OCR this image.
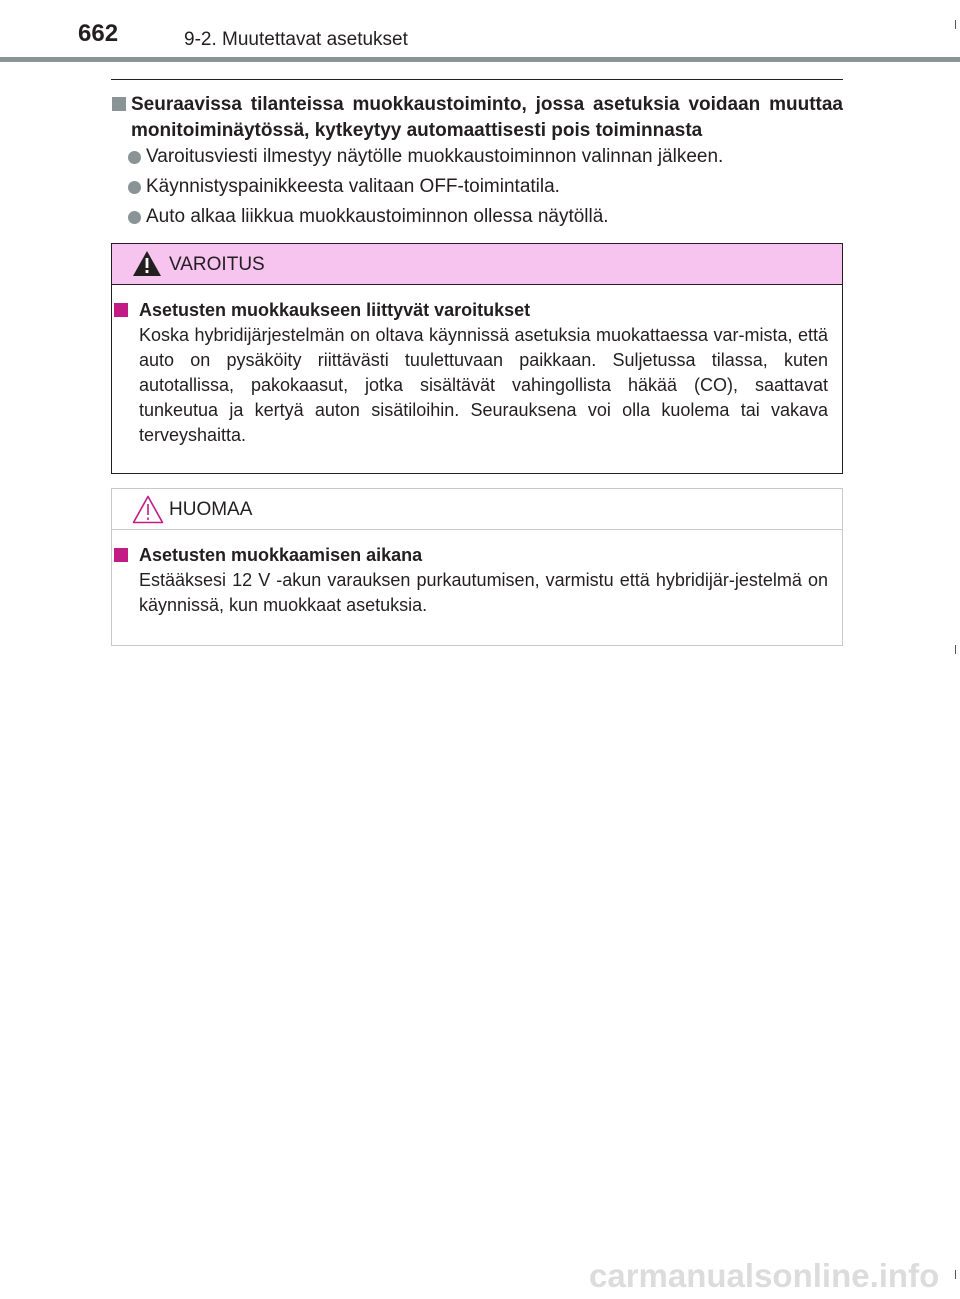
662	9-2. Muutettavat asetukset
Seuraavissa tilanteissa muokkaustoiminto, jossa asetuksia voidaan muuttaa monitoiminäytössä, kytkeytyy automaattisesti pois toiminnasta
Varoitusviesti ilmestyy näytölle muokkaustoiminnon valinnan jälkeen.
Käynnistyspainikkeesta valitaan OFF-toimintatila.
Auto alkaa liikkua muokkaustoiminnon ollessa näytöllä.
VAROITUS
Asetusten muokkaukseen liittyvät varoitukset

Koska hybridijärjestelmän on oltava käynnissä asetuksia muokattaessa var-mista, että auto on pysäköity riittävästi tuulettuvaan paikkaan. Suljetussa tilassa, kuten autotallissa, pakokaasut, jotka sisältävät vahingollista häkää (CO), saattavat tunkeutua ja kertyä auton sisätiloihin. Seurauksena voi olla kuolema tai vakava terveyshaitta.

HUOMAA
Asetusten muokkaamisen aikana

Estääksesi 12 V -akun varauksen purkautumisen, varmistu että hybridijär-jestelmä on käynnissä, kun muokkaat asetuksia.

carmanualsonline.info
